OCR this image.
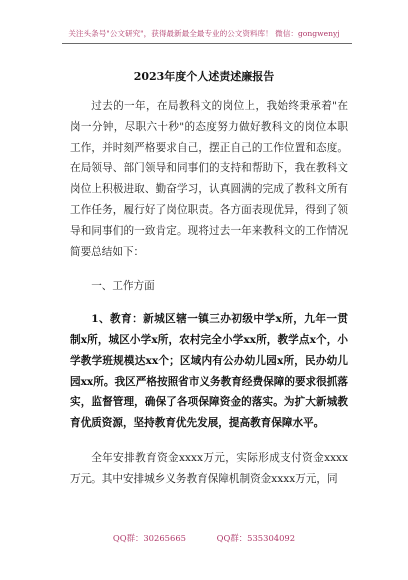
关注头条号"公文研究"，获得最新最全最专业的公文资料库！ 微信：gongwenyj
2023年度个人述责述廉报告

过去的一年，在局教科文的岗位上，我始终秉承着"在岗一分钟，尽职六十秒"的态度努力做好教科文的岗位本职工作，并时刻严格要求自己，摆正自己的工作位置和态度。在局领导、部门领导和同事们的支持和帮助下，我在教科文岗位上积极进取、勤奋学习，认真圆满的完成了教科文所有工作任务，履行好了岗位职责。各方面表现优异，得到了领导和同事们的一致肯定。现将过去一年来教科文的工作情况简要总结如下：

一、工作方面

1、教育：新城区辖一镇三办初级中学x所，九年一贯制x所，城区小学x所，农村完全小学xx所，教学点x个，小学教学班规模达xx个；区域内有公办幼儿园x所，民办幼儿园xx所。我区严格按照省市义务教育经费保障的要求很抓落实，监督管理，确保了各项保障资金的落实。为扩大新城教育优质资源，坚持教育优先发展，提高教育保障水平。

全年安排教育资金xxxx万元，实际形成支付资金xxxx万元。其中安排城乡义务教育保障机制资金xxxx万元，同

QQ群：30265665	QQ群：535304092
